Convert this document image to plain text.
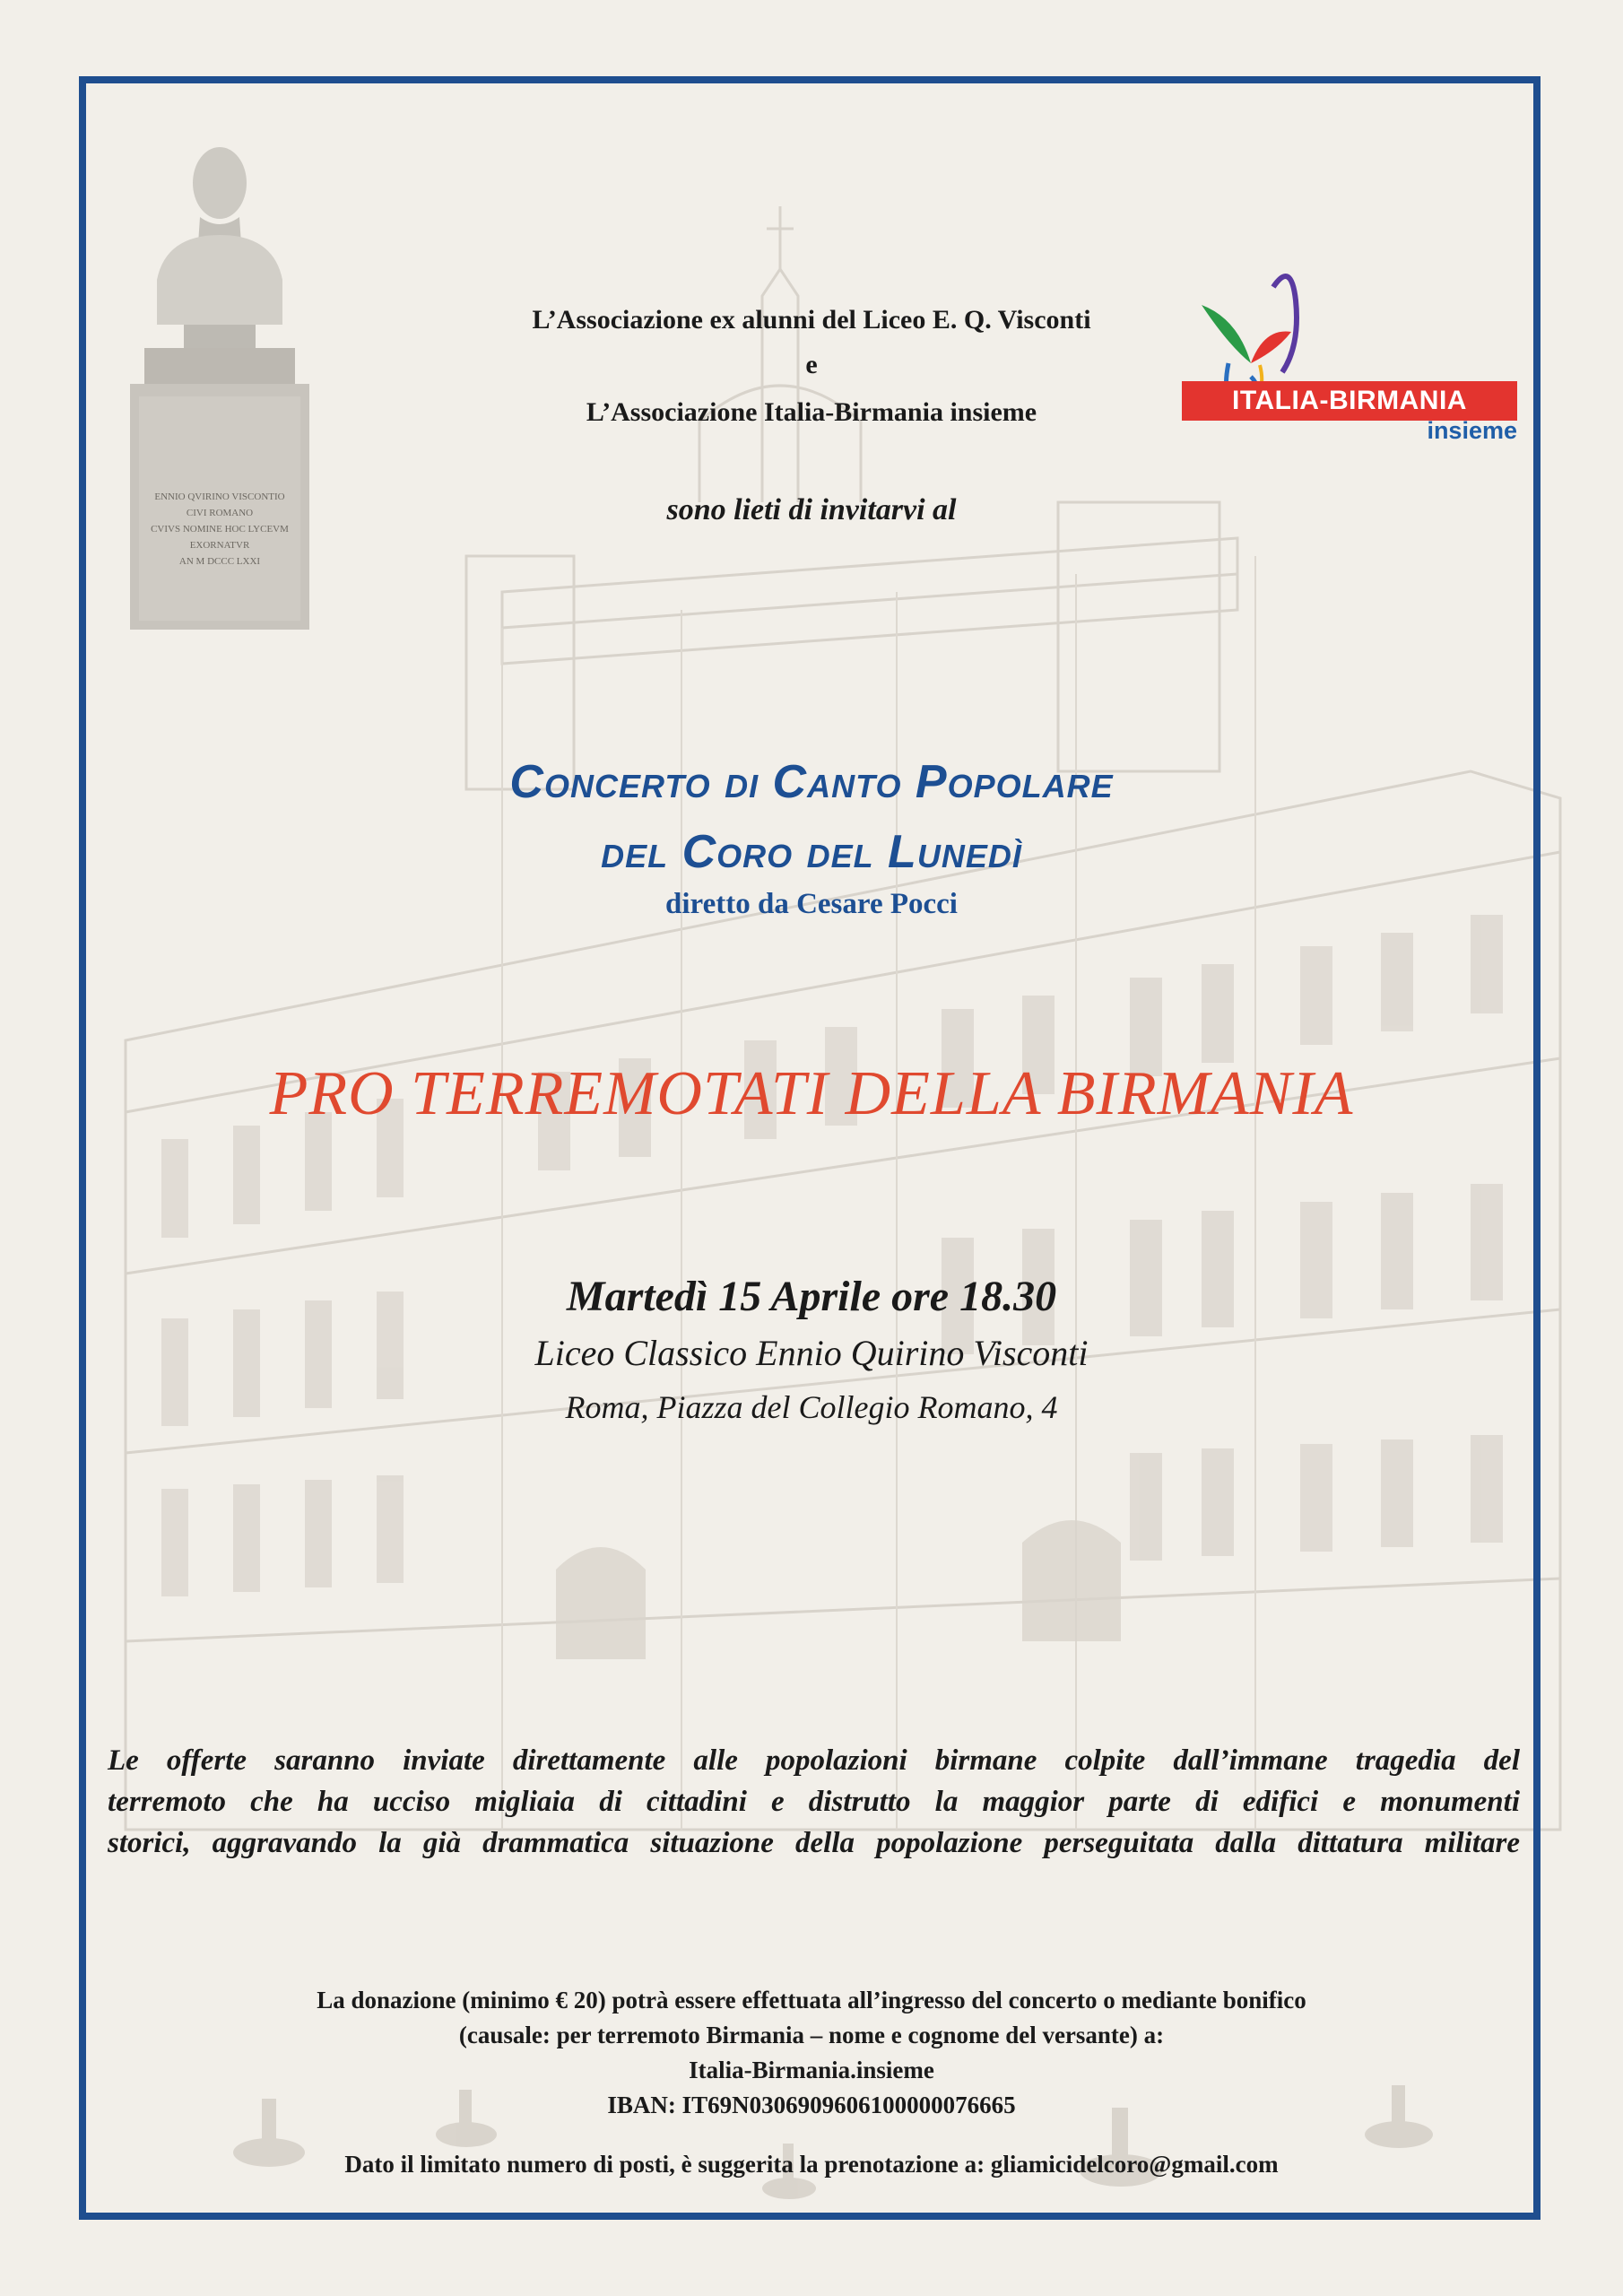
ENNIO QVIRINO VISCONTIO
CIVI ROMANO
CVIVS NOMINE HOC LYCEVM
EXORNATVR
AN M DCCC LXXI
ITALIA-BIRMANIA
insieme
L’Associazione ex alunni del Liceo E. Q. Visconti
e
L’Associazione Italia-Birmania insieme
sono lieti di invitarvi al
Concerto di Canto Popolare
del Coro del Lunedì
diretto da Cesare Pocci
PRO TERREMOTATI DELLA BIRMANIA
Martedì 15 Aprile ore 18.30
Liceo Classico Ennio Quirino Visconti
Roma, Piazza del Collegio Romano, 4
Le offerte saranno inviate direttamente alle popolazioni birmane colpite dall’immane tragedia del
terremoto che ha ucciso migliaia di cittadini e distrutto la maggior parte di edifici e monumenti
storici, aggravando la già drammatica situazione della popolazione perseguitata dalla dittatura militare
La donazione (minimo € 20) potrà essere effettuata all’ingresso del concerto o mediante bonifico
(causale: per terremoto Birmania – nome e cognome del versante) a:
Italia-Birmania.insieme
IBAN: IT69N0306909606100000076665
Dato il limitato numero di posti, è suggerita la prenotazione a: gliamicidelcoro@gmail.com
